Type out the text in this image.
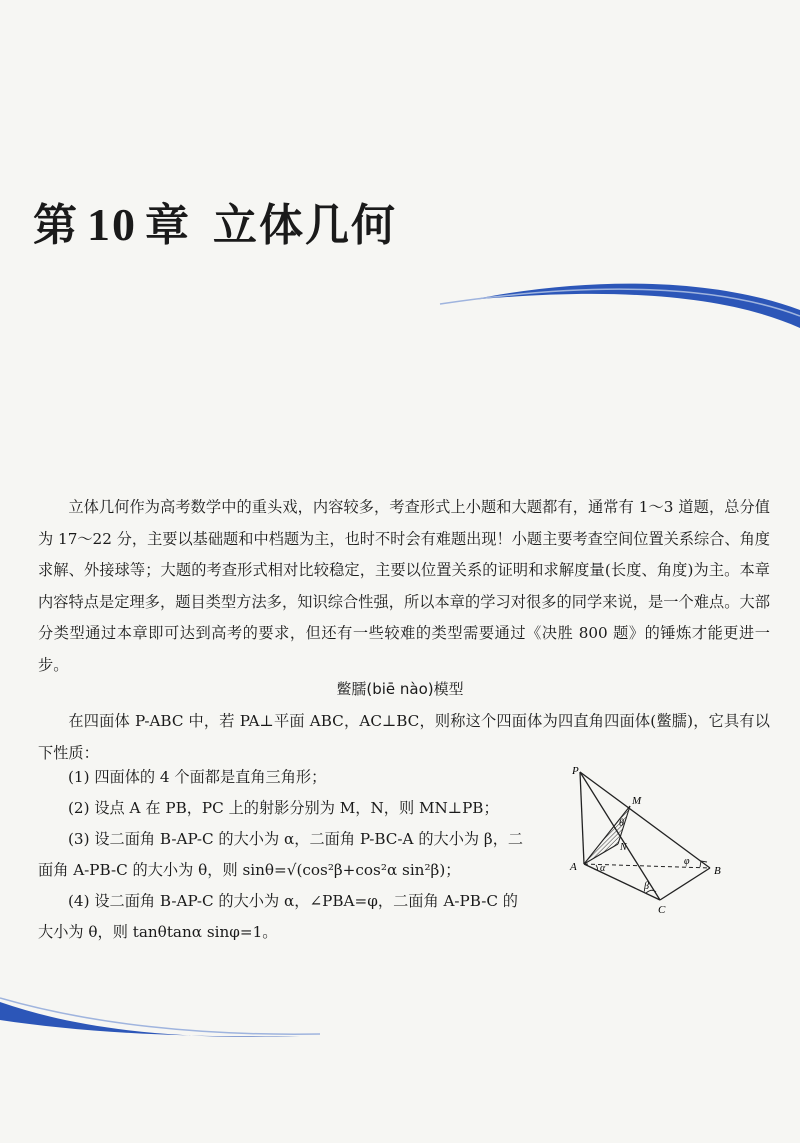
第 10 章 立体几何

立体几何作为高考数学中的重头戏，内容较多，考查形式上小题和大题都有，通常有 1～3 道题，总分值为 17～22 分，主要以基础题和中档题为主，也时不时会有难题出现！小题主要考查空间位置关系综合、角度求解、外接球等；大题的考查形式相对比较稳定，主要以位置关系的证明和求解度量(长度、角度)为主。本章内容特点是定理多，题目类型方法多，知识综合性强，所以本章的学习对很多的同学来说，是一个难点。大部分类型通过本章即可达到高考的要求，但还有一些较难的类型需要通过《决胜 800 题》的锤炼才能更进一步。

鳖臑(biē nào)模型

在四面体 P-ABC 中，若 PA⊥平面 ABC，AC⊥BC，则称这个四面体为四直角四面体(鳖臑)，它具有以下性质：

(1) 四面体的 4 个面都是直角三角形；

(2) 设点 A 在 PB，PC 上的射影分别为 M，N，则 MN⊥PB；

(3) 设二面角 B-AP-C 的大小为 α，二面角 P-BC-A 的大小为 β，二

面角 A-PB-C 的大小为 θ，则 sinθ=√(cos²β+cos²α sin²β)；

(4) 设二面角 B-AP-C 的大小为 α，∠PBA=φ，二面角 A-PB-C 的

大小为 θ，则 tanθtanα sinφ=1。

P
M
N
A	B
C
θ
α
β
φ
